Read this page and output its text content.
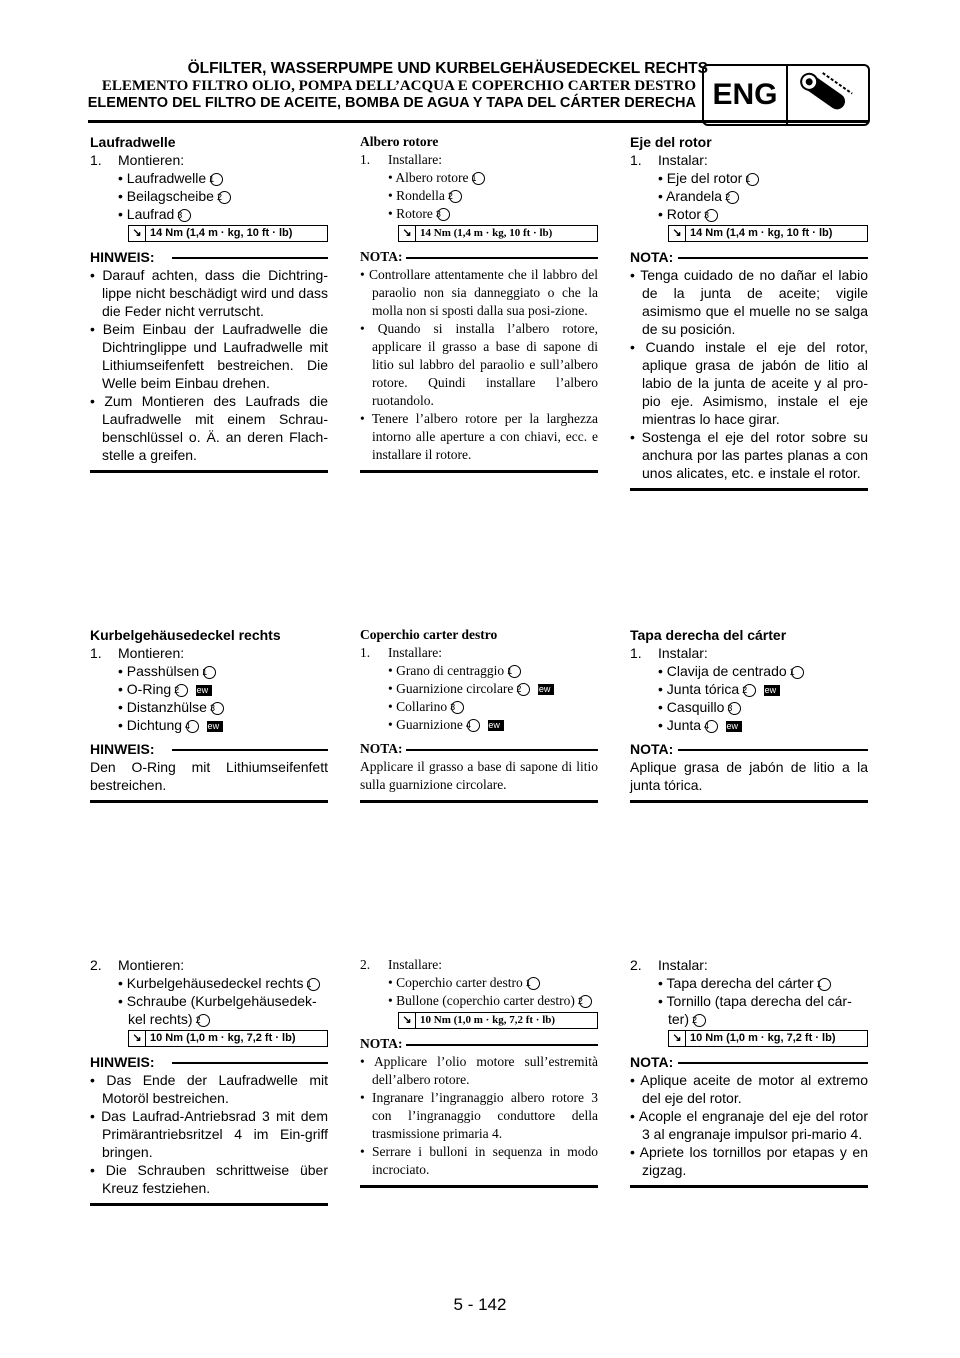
ÖLFILTER, WASSERPUMPE UND KURBELGEHÄUSEDECKEL RECHTS
ELEMENTO FILTRO OLIO, POMPA DELL’ACQUA E COPERCHIO CARTER DESTRO
ELEMENTO DEL FILTRO DE ACEITE, BOMBA DE AGUA Y TAPA DEL CÁRTER DERECHA ENG
Laufradwelle
1. Montieren:
• Laufradwelle 1
• Beilagscheibe 2
• Laufrad 3
↘ 14 Nm (1,4 m · kg, 10 ft · lb)
HINWEIS:
• Darauf achten, dass die Dichtring-lippe nicht beschädigt wird und dass die Feder nicht verrutscht.
• Beim Einbau der Laufradwelle die Dichtringlippe und Laufradwelle mit Lithiumseifenfett bestreichen. Die Welle beim Einbau drehen.
• Zum Montieren des Laufrads die Laufradwelle mit einem Schrau-benschlüssel o. Ä. an deren Flach-stelle a greifen.
Albero rotore
1. Installare:
• Albero rotore 1
• Rondella 2
• Rotore 3
↘ 14 Nm (1,4 m · kg, 10 ft · lb)
NOTA:
• Controllare attentamente che il labbro del paraolio non sia danneggiato o che la molla non si sposti dalla sua posi-zione.
• Quando si installa l’albero rotore, applicare il grasso a base di sapone di litio sul labbro del paraolio e sull’albero rotore. Quindi installare l’albero ruotandolo.
• Tenere l’albero rotore per la larghezza intorno alle aperture a con chiavi, ecc. e installare il rotore.
Eje del rotor
1. Instalar:
• Eje del rotor 1
• Arandela 2
• Rotor 3
↘ 14 Nm (1,4 m · kg, 10 ft · lb)
NOTA:
• Tenga cuidado de no dañar el labio de la junta de aceite; vigile asimismo que el muelle no se salga de su posición.
• Cuando instale el eje del rotor, aplique grasa de jabón de litio al labio de la junta de aceite y al pro-pio eje. Asimismo, instale el eje mientras lo hace girar.
• Sostenga el eje del rotor sobre su anchura por las partes planas a con unos alicates, etc. e instale el rotor.
Kurbelgehäusedeckel rechts
1. Montieren:
• Passhülsen 1
• O-Ring 2 New
• Distanzhülse 3
• Dichtung 4 New
HINWEIS:
Den O-Ring mit Lithiumseifenfett bestreichen.
Coperchio carter destro
1. Installare:
• Grano di centraggio 1
• Guarnizione circolare 2 New
• Collarino 3
• Guarnizione 4 New
NOTA:
Applicare il grasso a base di sapone di litio sulla guarnizione circolare.
Tapa derecha del cárter
1. Instalar:
• Clavija de centrado 1
• Junta tórica 2 New
• Casquillo 3
• Junta 4 New
NOTA:
Aplique grasa de jabón de litio a la junta tórica.
2. Montieren:
• Kurbelgehäusedeckel rechts 1
• Schraube (Kurbelgehäusedek-kel rechts) 2
↘ 10 Nm (1,0 m · kg, 7,2 ft · lb)
HINWEIS:
• Das Ende der Laufradwelle mit Motoröl bestreichen.
• Das Laufrad-Antriebsrad 3 mit dem Primärantriebsritzel 4 im Ein-griff bringen.
• Die Schrauben schrittweise über Kreuz festziehen.
2. Installare:
• Coperchio carter destro 1
• Bullone (coperchio carter destro) 2
↘ 10 Nm (1,0 m · kg, 7,2 ft · lb)
NOTA:
• Applicare l’olio motore sull’estremità dell’albero rotore.
• Ingranare l’ingranaggio albero rotore 3 con l’ingranaggio conduttore della trasmissione primaria 4.
• Serrare i bulloni in sequenza in modo incrociato.
2. Instalar:
• Tapa derecha del cárter 1
• Tornillo (tapa derecha del cár-ter) 2
↘ 10 Nm (1,0 m · kg, 7,2 ft · lb)
NOTA:
• Aplique aceite de motor al extremo del eje del rotor.
• Acople el engranaje del eje del rotor 3 al engranaje impulsor pri-mario 4.
• Apriete los tornillos por etapas y en zigzag.
5 - 142
